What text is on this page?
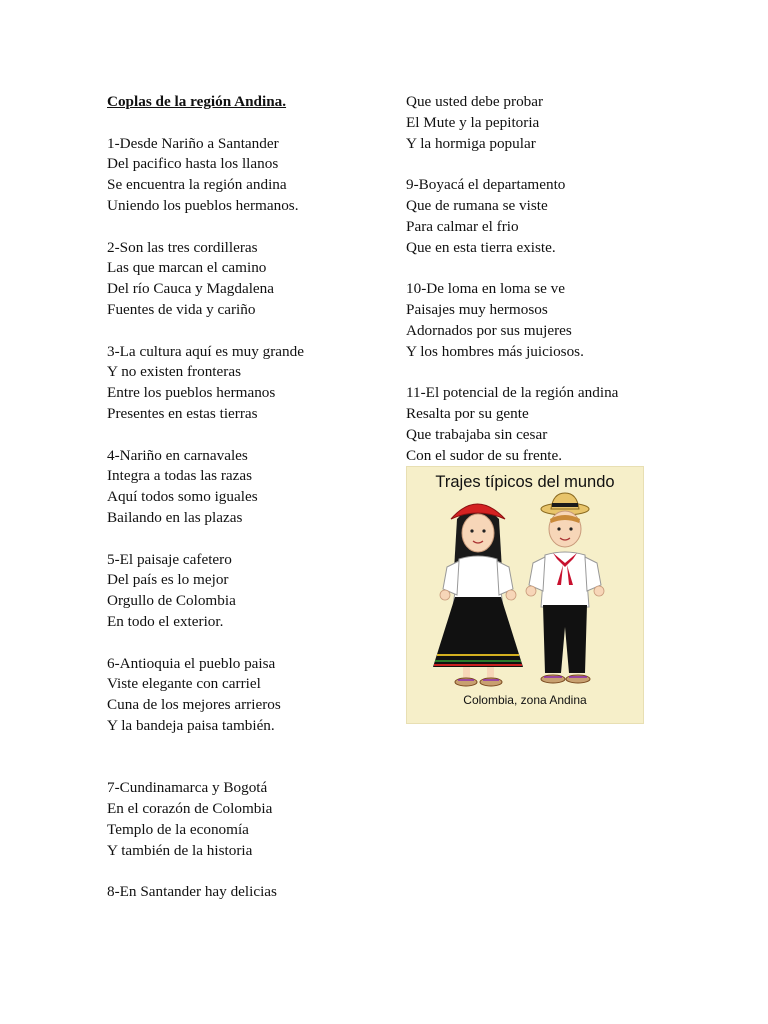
Coplas de la región Andina.
1-Desde Nariño a Santander
Del pacifico hasta los llanos
Se encuentra la región andina
Uniendo los pueblos hermanos.
2-Son las tres cordilleras
Las que marcan el camino
Del río Cauca y Magdalena
Fuentes de vida y cariño
3-La cultura aquí es muy grande
Y no existen fronteras
Entre los pueblos hermanos
Presentes en estas tierras
4-Nariño en carnavales
Integra a todas las razas
Aquí todos somo iguales
Bailando en las plazas
5-El paisaje cafetero
Del país es lo mejor
Orgullo de Colombia
En todo el exterior.
6-Antioquia el pueblo paisa
Viste elegante con carriel
Cuna de los mejores arrieros
Y la bandeja paisa también.
7-Cundinamarca y Bogotá
En el corazón de Colombia
Templo de la economía
Y también de la historia
8-En Santander hay delicias
Que usted debe probar
El Mute y la pepitoria
Y la hormiga popular
9-Boyacá el departamento
Que de rumana se viste
Para calmar el frio
Que en esta tierra existe.
10-De loma en loma se ve
Paisajes muy hermosos
Adornados por sus mujeres
Y los hombres más juiciosos.
11-El potencial de la región andina
Resalta por su gente
Que trabajaba sin cesar
Con el sudor de su frente.
Trajes típicos del mundo
Colombia, zona Andina
